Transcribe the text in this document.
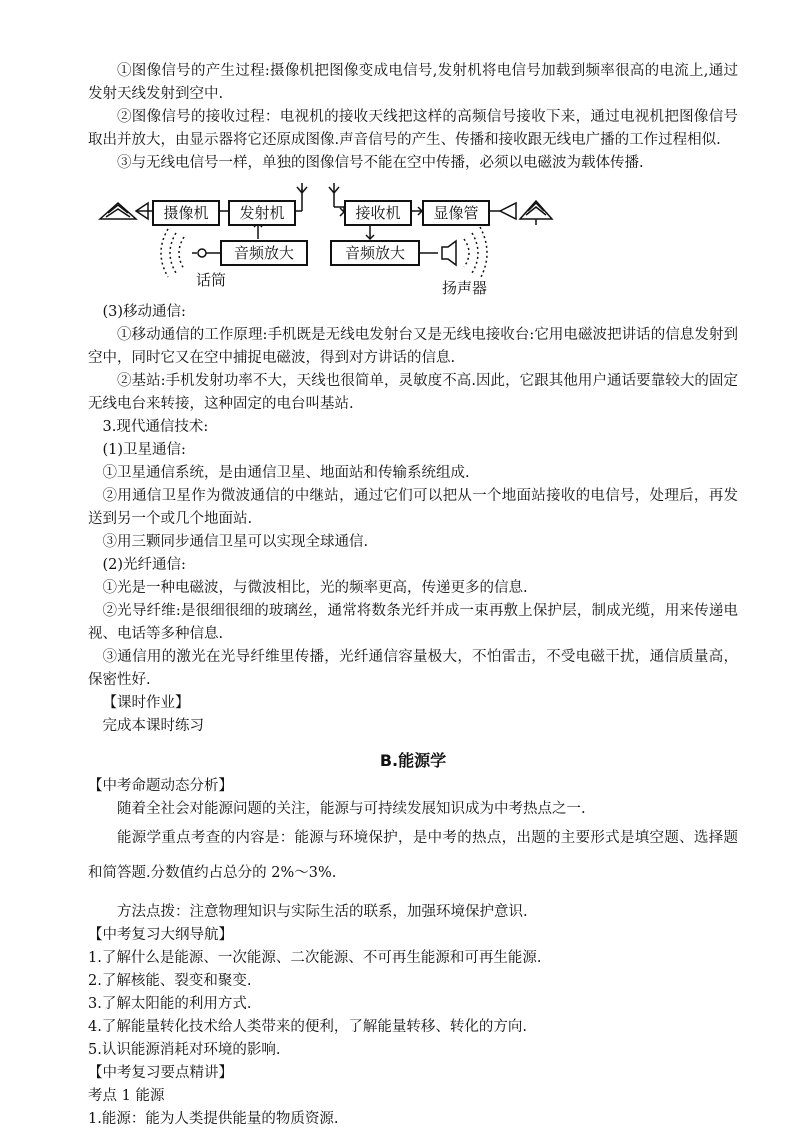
①图像信号的产生过程:摄像机把图像变成电信号,发射机将电信号加载到频率很高的电流上,通过发射天线发射到空中.

②图像信号的接收过程：电视机的接收天线把这样的高频信号接收下来，通过电视机把图像信号取出并放大，由显示器将它还原成图像.声音信号的产生、传播和接收跟无线电广播的工作过程相似.

③与无线电信号一样，单独的图像信号不能在空中传播，必须以电磁波为载体传播.

摄像机	发射机
音频放大
接收机	显像管
音频放大
话筒	扬声器

(3)移动通信:

①移动通信的工作原理:手机既是无线电发射台又是无线电接收台:它用电磁波把讲话的信息发射到空中，同时它又在空中捕捉电磁波，得到对方讲话的信息.

②基站:手机发射功率不大，天线也很简单，灵敏度不高.因此，它跟其他用户通话要靠较大的固定无线电台来转接，这种固定的电台叫基站.

3.现代通信技术:

(1)卫星通信:

①卫星通信系统，是由通信卫星、地面站和传输系统组成.

②用通信卫星作为微波通信的中继站，通过它们可以把从一个地面站接收的电信号，处理后，再发送到另一个或几个地面站.

③用三颗同步通信卫星可以实现全球通信.

(2)光纤通信:

①光是一种电磁波，与微波相比，光的频率更高，传递更多的信息.

②光导纤维:是很细很细的玻璃丝，通常将数条光纤并成一束再敷上保护层，制成光缆，用来传递电视、电话等多种信息.

③通信用的激光在光导纤维里传播，光纤通信容量极大，不怕雷击，不受电磁干扰，通信质量高，保密性好.

【课时作业】

完成本课时练习

B.能源学

【中考命题动态分析】

随着全社会对能源问题的关注，能源与可持续发展知识成为中考热点之一.

能源学重点考查的内容是：能源与环境保护，是中考的热点，出题的主要形式是填空题、选择题和简答题.分数值约占总分的 2%～3%.

方法点拨：注意物理知识与实际生活的联系，加强环境保护意识.

【中考复习大纲导航】

1.了解什么是能源、一次能源、二次能源、不可再生能源和可再生能源.

2.了解核能、裂变和聚变.

3.了解太阳能的利用方式.

4.了解能量转化技术给人类带来的便利，了解能量转移、转化的方向.

5.认识能源消耗对环境的影响.

【中考复习要点精讲】

考点 1 能源

1.能源：能为人类提供能量的物质资源.
